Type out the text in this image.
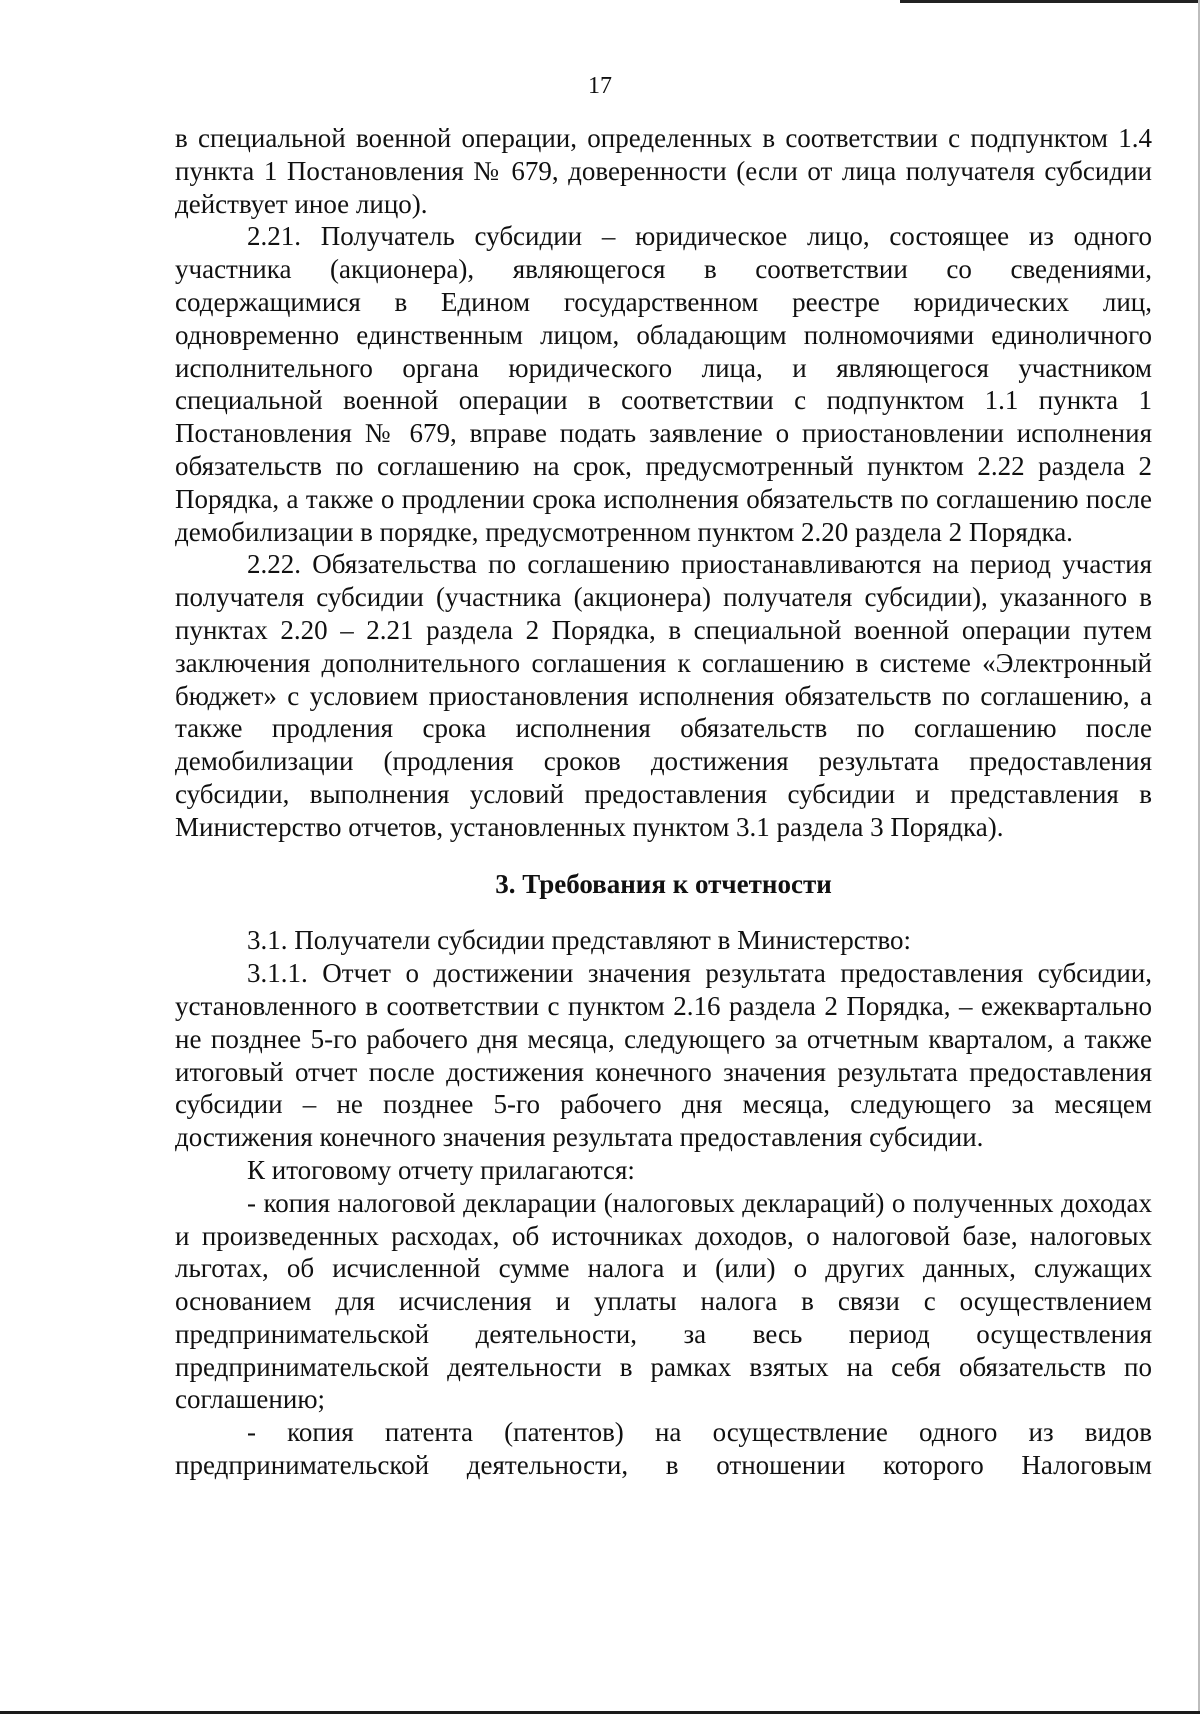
17

в специальной военной операции, определенных в соответствии с подпунктом 1.4 пункта 1 Постановления № 679, доверенности (если от лица получателя субсидии действует иное лицо).

2.21. Получатель субсидии – юридическое лицо, состоящее из одного участника (акционера), являющегося в соответствии со сведениями, содержащимися в Едином государственном реестре юридических лиц, одновременно единственным лицом, обладающим полномочиями единоличного исполнительного органа юридического лица, и являющегося участником специальной военной операции в соответствии с подпунктом 1.1 пункта 1 Постановления № 679, вправе подать заявление о приостановлении исполнения обязательств по соглашению на срок, предусмотренный пунктом 2.22 раздела 2 Порядка, а также о продлении срока исполнения обязательств по соглашению после демобилизации в порядке, предусмотренном пунктом 2.20 раздела 2 Порядка.

2.22. Обязательства по соглашению приостанавливаются на период участия получателя субсидии (участника (акционера) получателя субсидии), указанного в пунктах 2.20 – 2.21 раздела 2 Порядка, в специальной военной операции путем заключения дополнительного соглашения к соглашению в системе «Электронный бюджет» с условием приостановления исполнения обязательств по соглашению, а также продления срока исполнения обязательств по соглашению после демобилизации (продления сроков достижения результата предоставления субсидии, выполнения условий предоставления субсидии и представления в Министерство отчетов, установленных пунктом 3.1 раздела 3 Порядка).

3. Требования к отчетности

3.1. Получатели субсидии представляют в Министерство:

3.1.1. Отчет о достижении значения результата предоставления субсидии, установленного в соответствии с пунктом 2.16 раздела 2 Порядка, – ежеквартально не позднее 5-го рабочего дня месяца, следующего за отчетным кварталом, а также итоговый отчет после достижения конечного значения результата предоставления субсидии – не позднее 5-го рабочего дня месяца, следующего за месяцем достижения конечного значения результата предоставления субсидии.

К итоговому отчету прилагаются:

- копия налоговой декларации (налоговых деклараций) о полученных доходах и произведенных расходах, об источниках доходов, о налоговой базе, налоговых льготах, об исчисленной сумме налога и (или) о других данных, служащих основанием для исчисления и уплаты налога в связи с осуществлением предпринимательской деятельности, за весь период осуществления предпринимательской деятельности в рамках взятых на себя обязательств по соглашению;

- копия патента (патентов) на осуществление одного из видов предпринимательской деятельности, в отношении которого Налоговым
